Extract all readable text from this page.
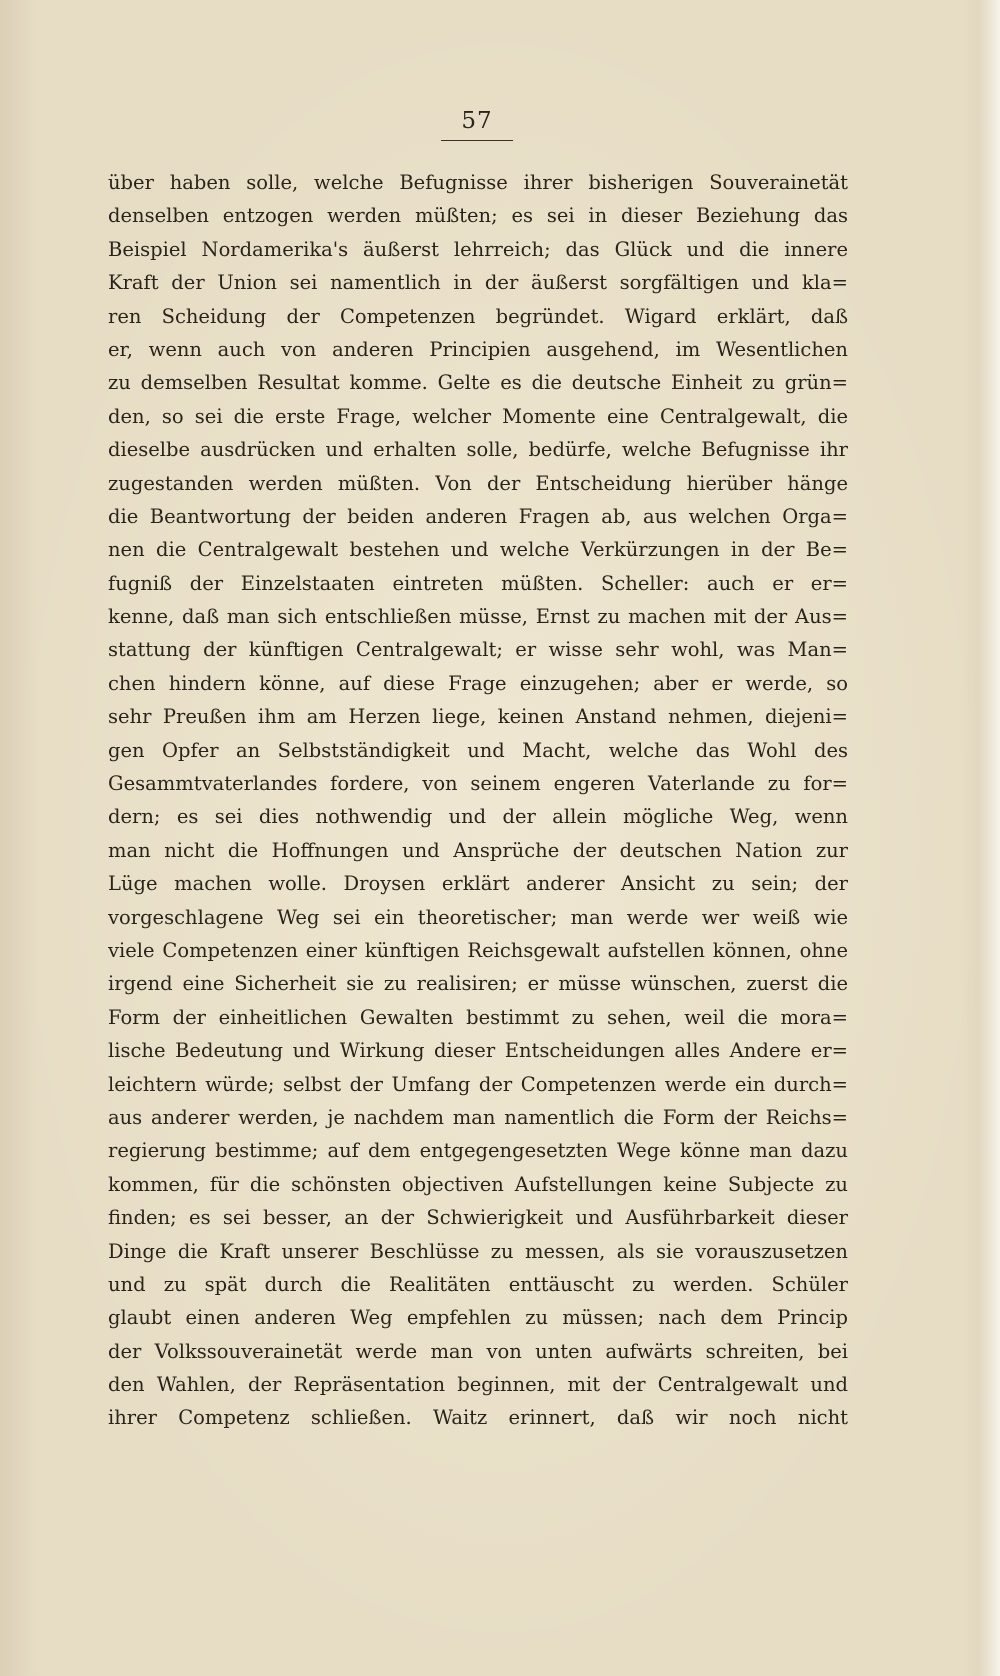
57
über haben solle, welche Befugnisse ihrer bisherigen Souverainetät
denselben entzogen werden müßten; es sei in dieser Beziehung das
Beispiel Nordamerika's äußerst lehrreich; das Glück und die innere
Kraft der Union sei namentlich in der äußerst sorgfältigen und kla=
ren Scheidung der Competenzen begründet. Wigard erklärt, daß
er, wenn auch von anderen Principien ausgehend, im Wesentlichen
zu demselben Resultat komme. Gelte es die deutsche Einheit zu grün=
den, so sei die erste Frage, welcher Momente eine Centralgewalt, die
dieselbe ausdrücken und erhalten solle, bedürfe, welche Befugnisse ihr
zugestanden werden müßten. Von der Entscheidung hierüber hänge
die Beantwortung der beiden anderen Fragen ab, aus welchen Orga=
nen die Centralgewalt bestehen und welche Verkürzungen in der Be=
fugniß der Einzelstaaten eintreten müßten. Scheller: auch er er=
kenne, daß man sich entschließen müsse, Ernst zu machen mit der Aus=
stattung der künftigen Centralgewalt; er wisse sehr wohl, was Man=
chen hindern könne, auf diese Frage einzugehen; aber er werde, so
sehr Preußen ihm am Herzen liege, keinen Anstand nehmen, diejeni=
gen Opfer an Selbstständigkeit und Macht, welche das Wohl des
Gesammtvaterlandes fordere, von seinem engeren Vaterlande zu for=
dern; es sei dies nothwendig und der allein mögliche Weg, wenn
man nicht die Hoffnungen und Ansprüche der deutschen Nation zur
Lüge machen wolle. Droysen erklärt anderer Ansicht zu sein; der
vorgeschlagene Weg sei ein theoretischer; man werde wer weiß wie
viele Competenzen einer künftigen Reichsgewalt aufstellen können, ohne
irgend eine Sicherheit sie zu realisiren; er müsse wünschen, zuerst die
Form der einheitlichen Gewalten bestimmt zu sehen, weil die mora=
lische Bedeutung und Wirkung dieser Entscheidungen alles Andere er=
leichtern würde; selbst der Umfang der Competenzen werde ein durch=
aus anderer werden, je nachdem man namentlich die Form der Reichs=
regierung bestimme; auf dem entgegengesetzten Wege könne man dazu
kommen, für die schönsten objectiven Aufstellungen keine Subjecte zu
finden; es sei besser, an der Schwierigkeit und Ausführbarkeit dieser
Dinge die Kraft unserer Beschlüsse zu messen, als sie vorauszusetzen
und zu spät durch die Realitäten enttäuscht zu werden. Schüler
glaubt einen anderen Weg empfehlen zu müssen; nach dem Princip
der Volkssouverainetät werde man von unten aufwärts schreiten, bei
den Wahlen, der Repräsentation beginnen, mit der Centralgewalt und
ihrer Competenz schließen. Waitz erinnert, daß wir noch nicht
